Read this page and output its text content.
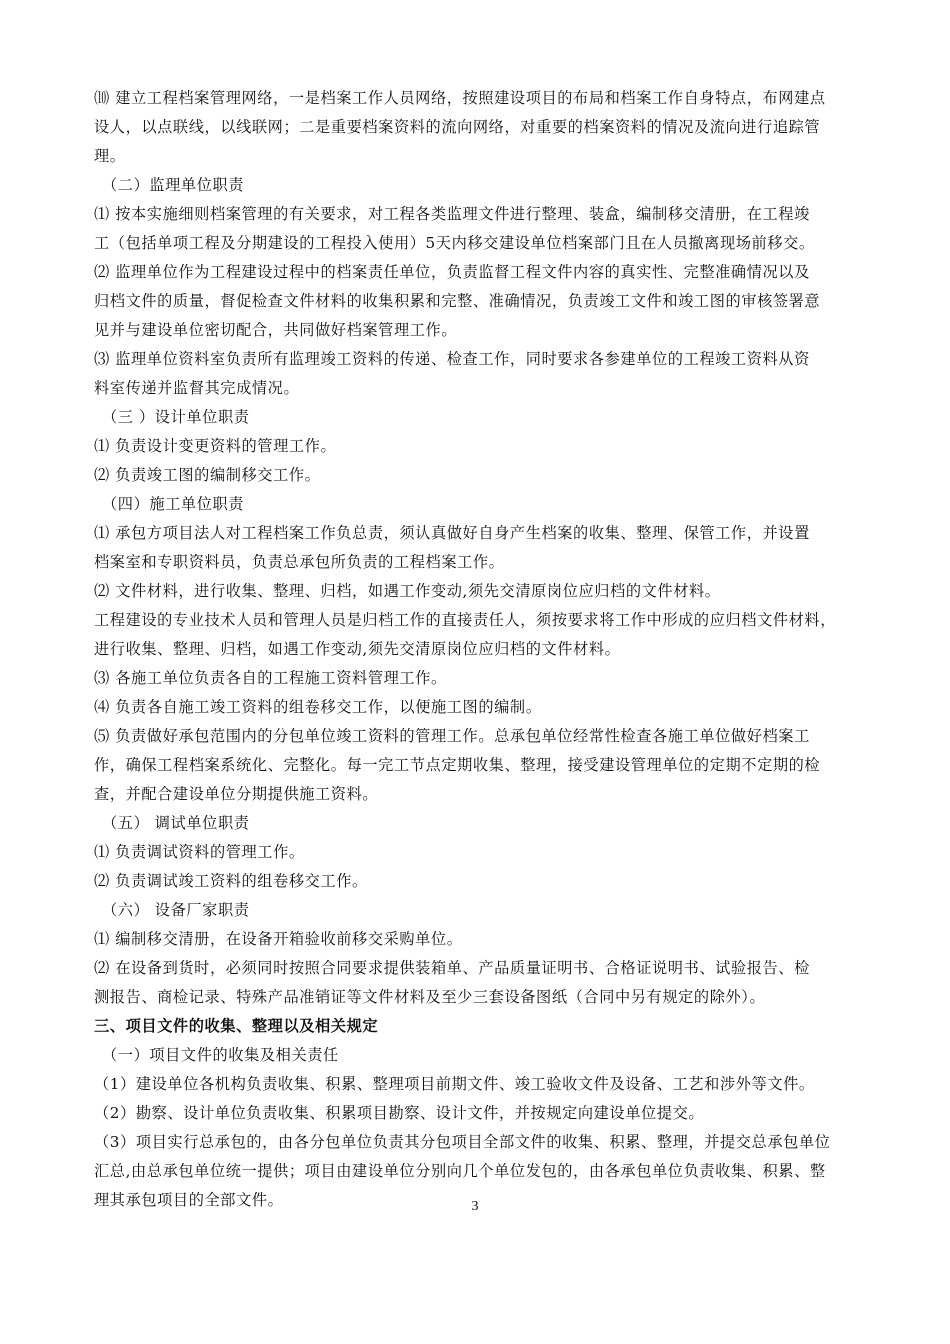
⑽ 建立工程档案管理网络，一是档案工作人员网络，按照建设项目的布局和档案工作自身特点，布网建点
设人，以点联线，以线联网；二是重要档案资料的流向网络，对重要的档案资料的情况及流向进行追踪管
理。
（二）监理单位职责
⑴ 按本实施细则档案管理的有关要求，对工程各类监理文件进行整理、装盒，编制移交清册，在工程竣
工（包括单项工程及分期建设的工程投入使用）5天内移交建设单位档案部门且在人员撤离现场前移交。
⑵ 监理单位作为工程建设过程中的档案责任单位，负责监督工程文件内容的真实性、完整准确情况以及
归档文件的质量，督促检查文件材料的收集积累和完整、准确情况，负责竣工文件和竣工图的审核签署意
见并与建设单位密切配合，共同做好档案管理工作。
⑶ 监理单位资料室负责所有监理竣工资料的传递、检查工作，同时要求各参建单位的工程竣工资料从资
料室传递并监督其完成情况。
（三 ）设计单位职责
⑴ 负责设计变更资料的管理工作。
⑵ 负责竣工图的编制移交工作。
（四）施工单位职责
⑴ 承包方项目法人对工程档案工作负总责，须认真做好自身产生档案的收集、整理、保管工作，并设置
档案室和专职资料员，负责总承包所负责的工程档案工作。
⑵ 文件材料，进行收集、整理、归档，如遇工作变动,须先交清原岗位应归档的文件材料。
工程建设的专业技术人员和管理人员是归档工作的直接责任人，须按要求将工作中形成的应归档文件材料，
进行收集、整理、归档，如遇工作变动,须先交清原岗位应归档的文件材料。
⑶ 各施工单位负责各自的工程施工资料管理工作。
⑷ 负责各自施工竣工资料的组卷移交工作，以便施工图的编制。
⑸ 负责做好承包范围内的分包单位竣工资料的管理工作。总承包单位经常性检查各施工单位做好档案工
作，确保工程档案系统化、完整化。每一完工节点定期收集、整理，接受建设管理单位的定期不定期的检
查，并配合建设单位分期提供施工资料。
（五） 调试单位职责
⑴ 负责调试资料的管理工作。
⑵ 负责调试竣工资料的组卷移交工作。
（六） 设备厂家职责
⑴ 编制移交清册，在设备开箱验收前移交采购单位。
⑵ 在设备到货时，必须同时按照合同要求提供装箱单、产品质量证明书、合格证说明书、试验报告、检
测报告、商检记录、特殊产品准销证等文件材料及至少三套设备图纸（合同中另有规定的除外）。
三、项目文件的收集、整理以及相关规定
（一）项目文件的收集及相关责任
（1）建设单位各机构负责收集、积累、整理项目前期文件、竣工验收文件及设备、工艺和涉外等文件。
（2）勘察、设计单位负责收集、积累项目勘察、设计文件，并按规定向建设单位提交。
（3）项目实行总承包的，由各分包单位负责其分包项目全部文件的收集、积累、整理，并提交总承包单位
汇总,由总承包单位统一提供；项目由建设单位分别向几个单位发包的，由各承包单位负责收集、积累、整
理其承包项目的全部文件。	3
